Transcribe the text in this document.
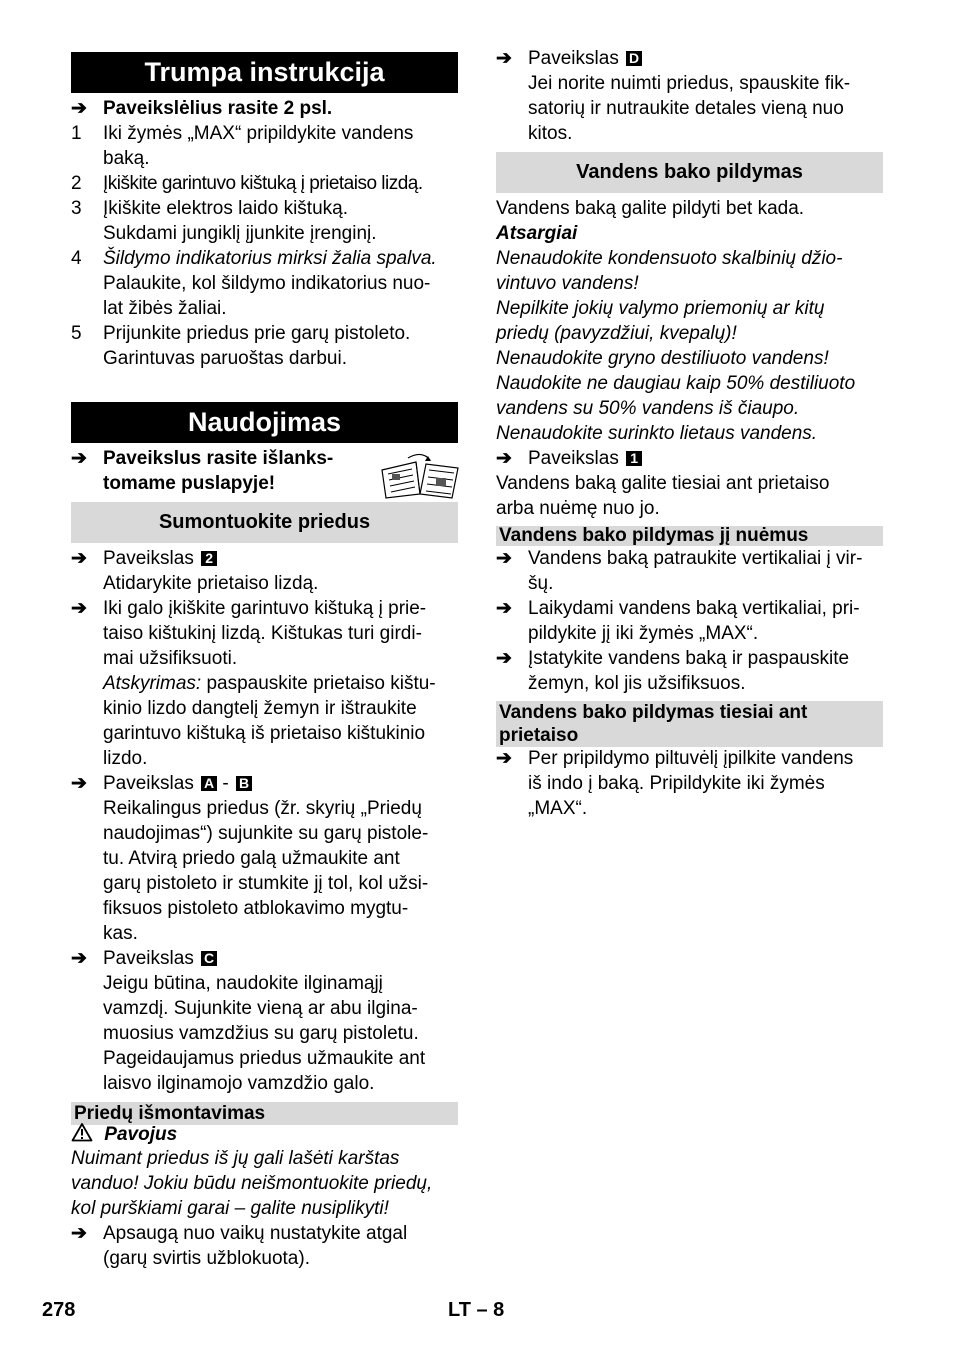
Trumpa instrukcija
➔ Paveikslėlius rasite 2 psl.
1 Iki žymės „MAX“ pripildykite vandens
baką.
2 Įkiškite garintuvo kištuką į prietaiso lizdą.
3 Įkiškite elektros laido kištuką.
Sukdami jungiklį įjunkite įrenginį.
4 Šildymo indikatorius mirksi žalia spalva.
Palaukite, kol šildymo indikatorius nuo-
lat žibės žaliai.
5 Prijunkite priedus prie garų pistoleto.
Garintuvas paruoštas darbui.
Naudojimas
➔ Paveikslus rasite išlanks-
tomame puslapyje!
Sumontuokite priedus
➔ Paveikslas 2
Atidarykite prietaiso lizdą.
➔ Iki galo įkiškite garintuvo kištuką į prie-
taiso kištukinį lizdą. Kištukas turi girdi-
mai užsifiksuoti.
Atskyrimas: paspauskite prietaiso kištu-
kinio lizdo dangtelį žemyn ir ištraukite
garintuvo kištuką iš prietaiso kištukinio
lizdo.
➔ Paveikslas A - B
Reikalingus priedus (žr. skyrių „Priedų
naudojimas“) sujunkite su garų pistole-
tu. Atvirą priedo galą užmaukite ant
garų pistoleto ir stumkite jį tol, kol užsi-
fiksuos pistoleto atblokavimo mygtu-
kas.
➔ Paveikslas C
Jeigu būtina, naudokite ilginamąjį
vamzdį. Sujunkite vieną ar abu ilgina-
muosius vamzdžius su garų pistoletu.
Pageidaujamus priedus užmaukite ant
laisvo ilginamojo vamzdžio galo.
Priedų išmontavimas
Pavojus
Nuimant priedus iš jų gali lašėti karštas
vanduo! Jokiu būdu neišmontuokite priedų,
kol purškiami garai – galite nusiplikyti!
➔ Apsaugą nuo vaikų nustatykite atgal
(garų svirtis užblokuota).
➔ Paveikslas D
Jei norite nuimti priedus, spauskite fik-
satorių ir nutraukite detales vieną nuo
kitos.
Vandens bako pildymas
Vandens baką galite pildyti bet kada.
Atsargiai
Nenaudokite kondensuoto skalbinių džio-
vintuvo vandens!
Nepilkite jokių valymo priemonių ar kitų
priedų (pavyzdžiui, kvepalų)!
Nenaudokite gryno destiliuoto vandens!
Naudokite ne daugiau kaip 50% destiliuoto
vandens su 50% vandens iš čiaupo.
Nenaudokite surinkto lietaus vandens.
➔ Paveikslas 1
Vandens baką galite tiesiai ant prietaiso
arba nuėmę nuo jo.
Vandens bako pildymas jį nuėmus
➔ Vandens baką patraukite vertikaliai į vir-
šų.
➔ Laikydami vandens baką vertikaliai, pri-
pildykite jį iki žymės „MAX“.
➔ Įstatykite vandens baką ir paspauskite
žemyn, kol jis užsifiksuos.
Vandens bako pildymas tiesiai ant
prietaiso
➔ Per pripildymo piltuvėlį įpilkite vandens
iš indo į baką. Pripildykite iki žymės
„MAX“.
278	LT – 8
